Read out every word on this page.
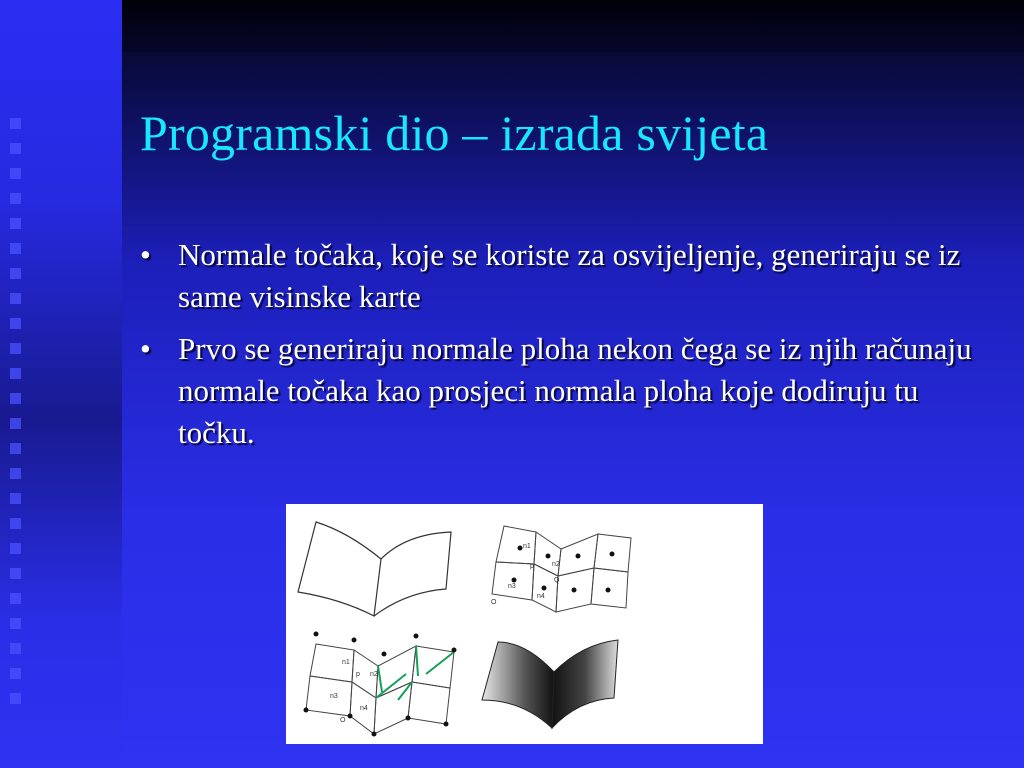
Programski dio – izrada svijeta
• Normale točaka, koje se koriste za osvijeljenje, generiraju se iz same visinske karte
• Prvo se generiraju normale ploha nekon čega se iz njih računaju normale točaka kao prosjeci normala ploha koje dodiruju tu točku.
n1
n2
n3
n4
p
Q
O
n1
n2
n3
n4
p
O
